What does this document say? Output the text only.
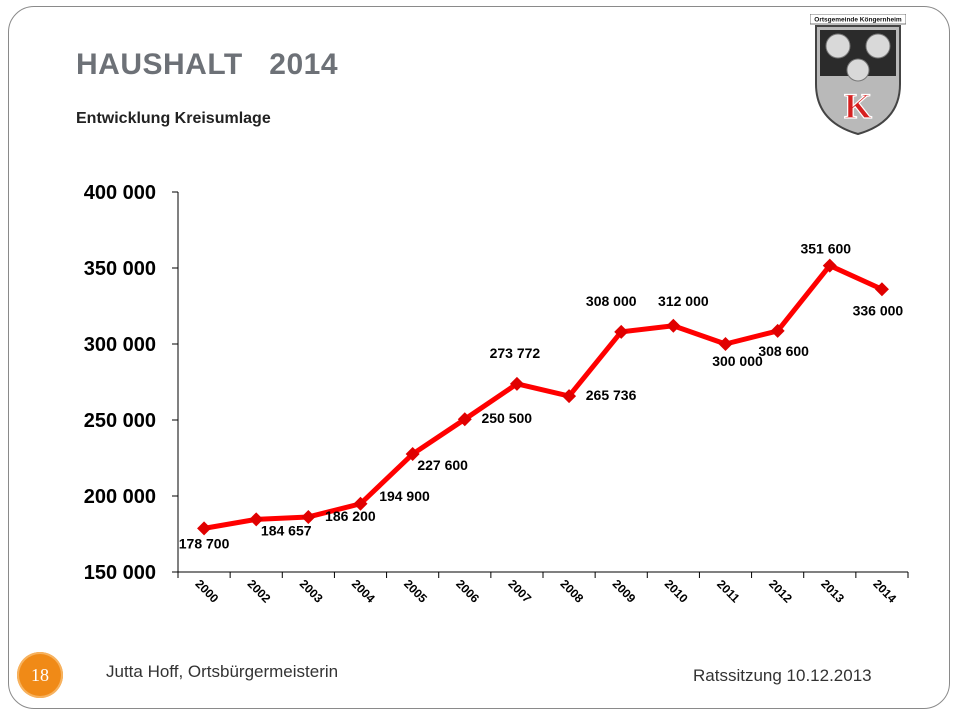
HAUSHALT   2014
Entwicklung Kreisumlage
Ortsgemeinde Köngernheim
K
150 000
200 000
250 000
300 000
350 000
400 000
2000 2002 2003 2004 2005 2006 2007 2008 2009 2010 2011 2012 2013 2014
178 700
184 657
186 200
194 900
227 600
250 500
273 772
265 736
308 000 312 000
300 000
308 600
351 600
336 000
Jutta Hoff, Ortsbürgermeisterin	Ratssitzung 10.12.2013
18
